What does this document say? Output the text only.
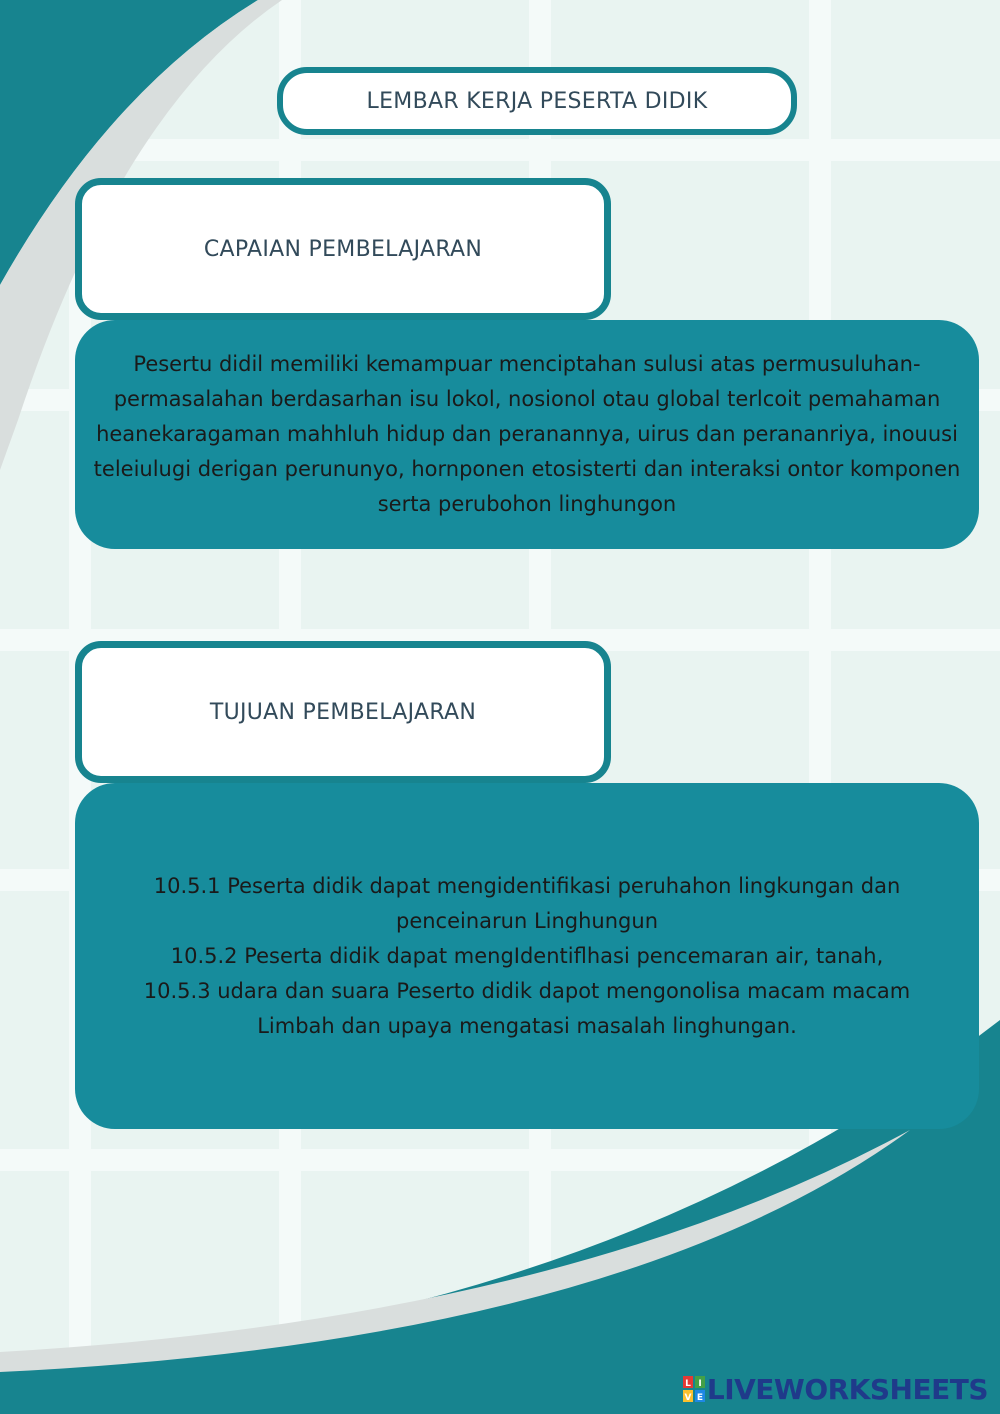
LEMBAR KERJA PESERTA DIDIK
CAPAIAN PEMBELAJARAN
Pesertu didil memiliki kemampuar menciptahan sulusi atas permusuluhan-permasalahan berdasarhan isu lokol, nosionol otau global terlcoit pemahaman heanekaragaman mahhluh hidup dan peranannya, uirus dan perananriya, inouusi teleiulugi derigan perununyo, hornponen etosisterti dan interaksi ontor komponen serta perubohon linghungon
TUJUAN PEMBELAJARAN
10.5.1 Peserta didik dapat mengidentifikasi peruhahon lingkungan dan penceinarun Linghungun
10.5.2 Peserta didik dapat mengIdentiflhasi pencemaran air, tanah,
10.5.3 udara dan suara Peserto didik dapot mengonolisa macam macam Limbah dan upaya mengatasi masalah linghungan.
L I
V E LIVEWORKSHEETS
